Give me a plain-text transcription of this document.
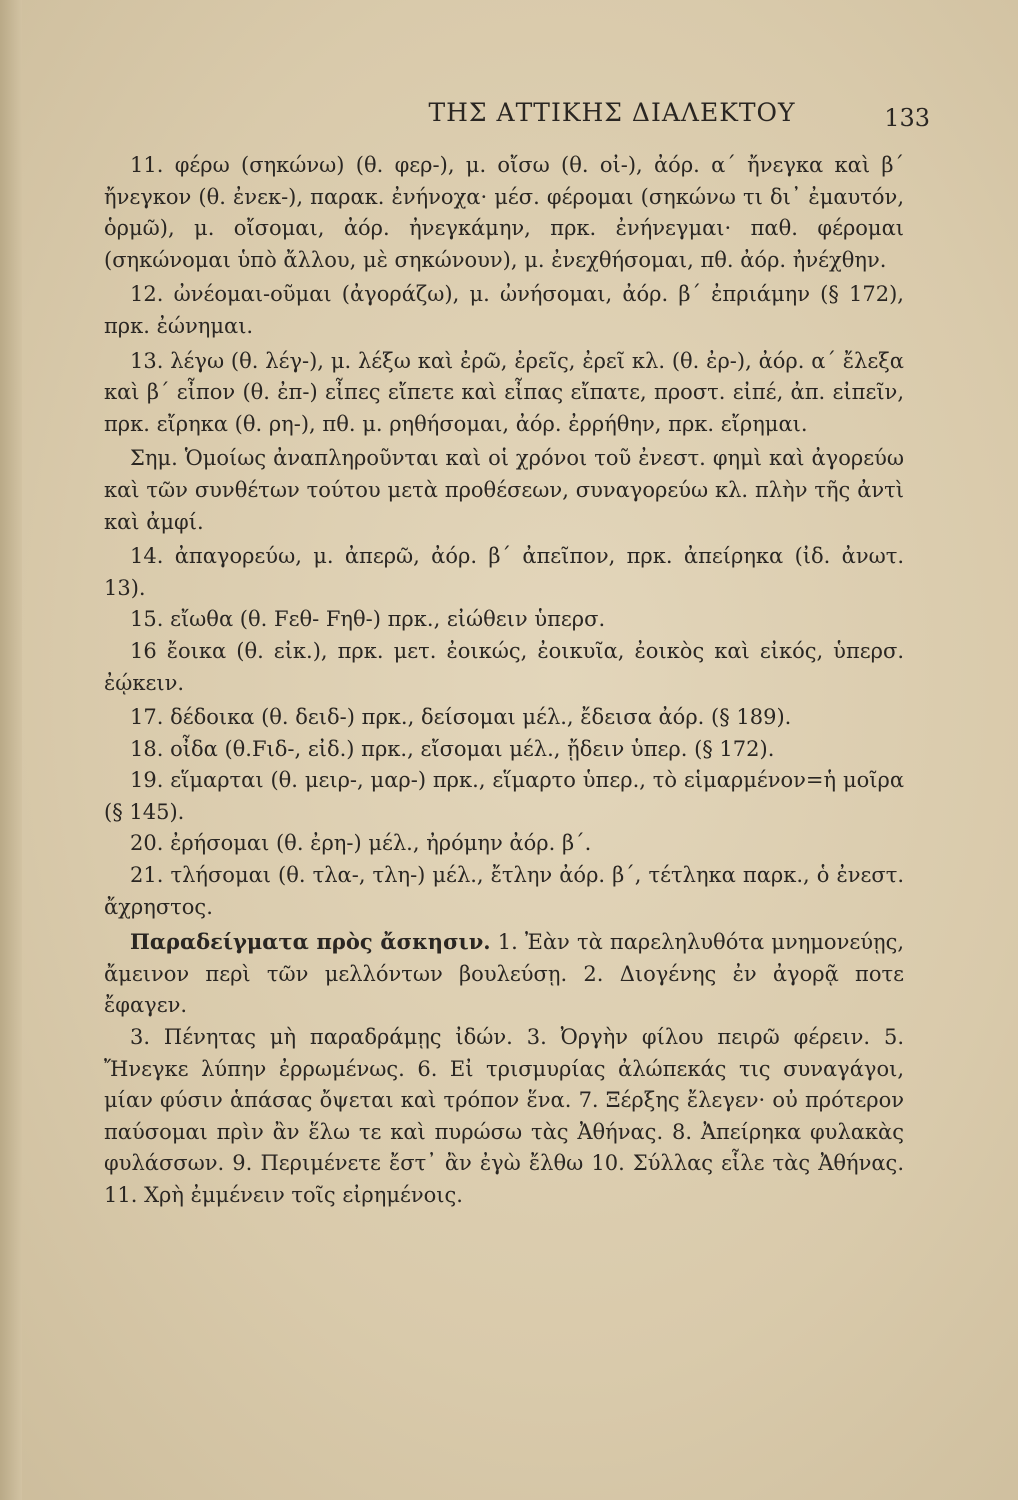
ΤΗΣ ΑΤΤΙΚΗΣ ΔΙΑΛΕΚΤΟΥ	133

11. φέρω (σηκώνω) (θ. φερ-), μ. οἴσω (θ. οἰ-), ἀόρ. α΄ ἤνεγκα καὶ β΄ ἤνεγκον (θ. ἐνεκ-), παρακ. ἐνήνοχα· μέσ. φέρομαι (σηκώνω τι δι᾽ ἐμαυτόν, ὁρμῶ), μ. οἴσομαι, ἀόρ. ἠνεγκάμην, πρκ. ἐνήνεγμαι· παθ. φέρομαι (σηκώνομαι ὑπὸ ἄλλου, μὲ σηκώνουν), μ. ἐνεχθήσομαι, πθ. ἀόρ. ἠνέχθην.

12. ὠνέομαι-οῦμαι (ἀγοράζω), μ. ὠνήσομαι, ἀόρ. β΄ ἐπριάμην (§ 172), πρκ. ἐώνημαι.

13. λέγω (θ. λέγ-), μ. λέξω καὶ ἐρῶ, ἐρεῖς, ἐρεῖ κλ. (θ. ἐρ-), ἀόρ. α΄ ἔλεξα καὶ β΄ εἶπον (θ. ἐπ-) εἶπες εἴπετε καὶ εἶπας εἴπατε, προστ. εἰπέ, ἀπ. εἰπεῖν, πρκ. εἴρηκα (θ. ρη-), πθ. μ. ρηθήσομαι, ἀόρ. ἐρρήθην, πρκ. εἴρημαι.

Σημ. Ὁμοίως ἀναπληροῦνται καὶ οἱ χρόνοι τοῦ ἐνεστ. φημὶ καὶ ἀγορεύω καὶ τῶν συνθέτων τούτου μετὰ προθέσεων, συναγορεύω κλ. πλὴν τῆς ἀντὶ καὶ ἀμφί.

14. ἀπαγορεύω, μ. ἀπερῶ, ἀόρ. β΄ ἀπεῖπον, πρκ. ἀπείρηκα (ἰδ. ἀνωτ. 13).

15. εἴωθα (θ. Fεθ- Fηθ-) πρκ., εἰώθειν ὑπερσ.

16 ἔοικα (θ. εἰκ.), πρκ. μετ. ἐοικώς, ἐοικυῖα, ἐοικὸς καὶ εἰκός, ὑπερσ. ἐῴκειν.

17. δέδοικα (θ. δειδ-) πρκ., δείσομαι μέλ., ἔδεισα ἀόρ. (§ 189).

18. οἶδα (θ.Fιδ-, εἰδ.) πρκ., εἴσομαι μέλ., ᾔδειν ὑπερ. (§ 172).

19. εἵμαρται (θ. μειρ-, μαρ-) πρκ., εἵμαρτο ὑπερ., τὸ εἱμαρμένον=ἡ μοῖρα (§ 145).

20. ἐρήσομαι (θ. ἐρη-) μέλ., ἠρόμην ἀόρ. β΄.

21. τλήσομαι (θ. τλα-, τλη-) μέλ., ἔτλην ἀόρ. β΄, τέτληκα παρκ., ὁ ἐνεστ. ἄχρηστος.

Παραδείγματα πρὸς ἄσκησιν. 1. Ἐὰν τὰ παρεληλυθότα μνημονεύῃς, ἄμεινον περὶ τῶν μελλόντων βουλεύσῃ. 2. Διογένης ἐν ἀγορᾷ ποτε ἔφαγεν.

3. Πένητας μὴ παραδράμῃς ἰδών. 3. Ὀργὴν φίλου πειρῶ φέρειν. 5. Ἤνεγκε λύπην ἐρρωμένως. 6. Εἰ τρισμυρίας ἀλώπεκάς τις συναγάγοι, μίαν φύσιν ἁπάσας ὄψεται καὶ τρόπον ἕνα. 7. Ξέρξης ἔλεγεν· οὐ πρότερον παύσομαι πρὶν ἂν ἕλω τε καὶ πυρώσω τὰς Ἀθήνας. 8. Ἀπείρηκα φυλακὰς φυλάσσων. 9. Περιμένετε ἔστ᾽ ἂν ἐγὼ ἔλθω 10. Σύλλας εἷλε τὰς Ἀθήνας. 11. Χρὴ ἐμμένειν τοῖς εἰρημένοις.
